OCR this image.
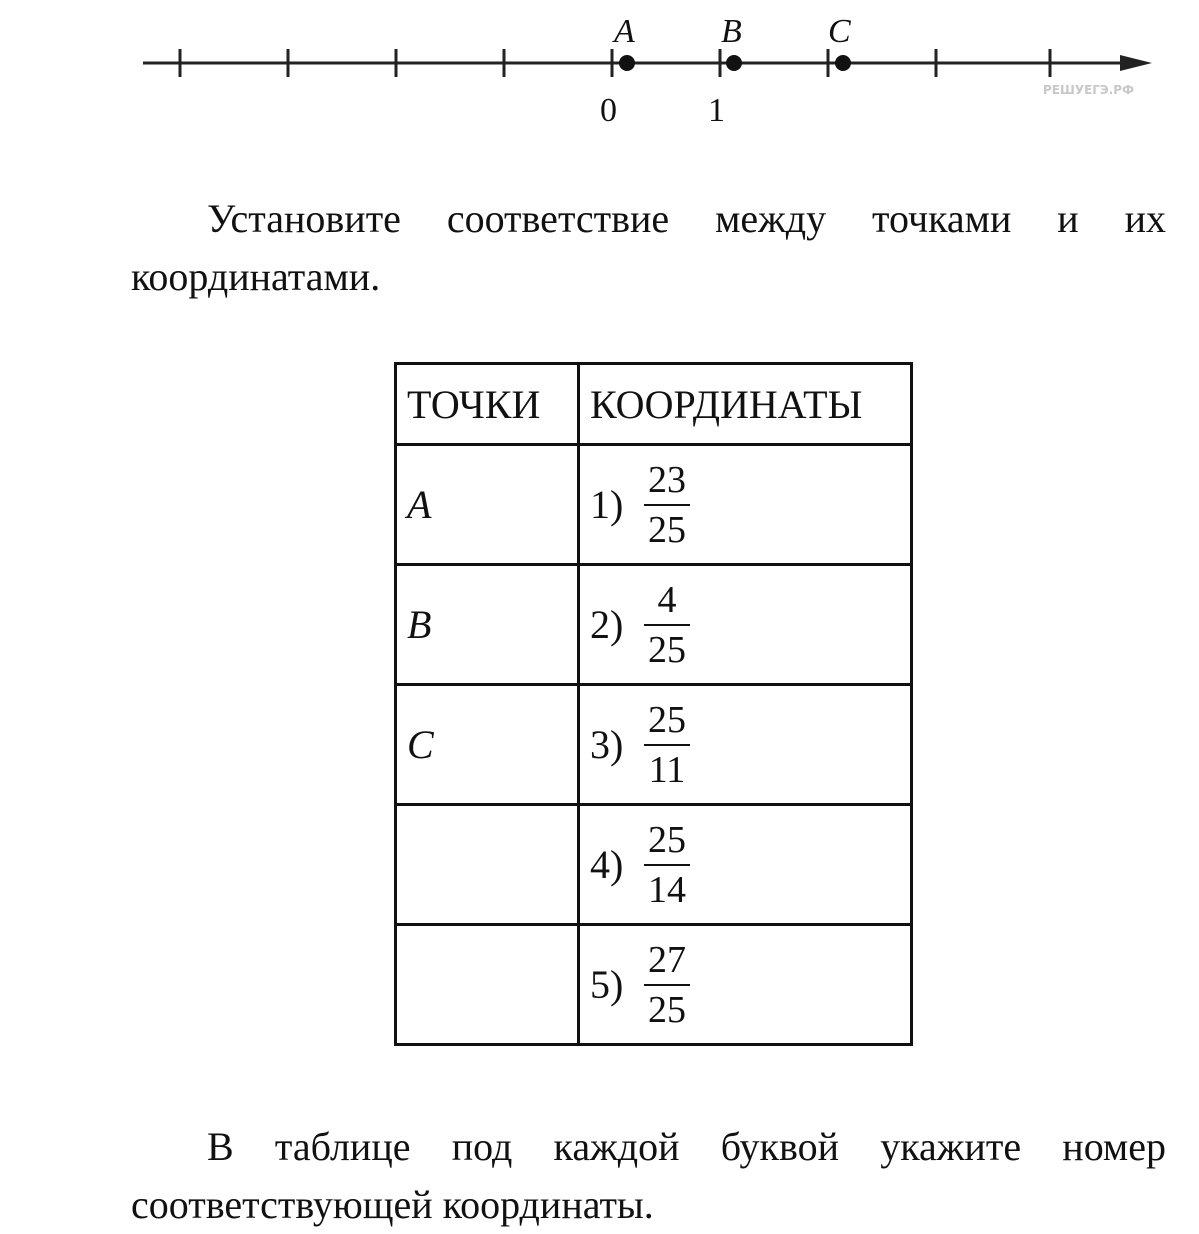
A	B	C
0	1
РЕШУЕГЭ.РФ

Установите соответствие между точками и их координатами.

ТОЧКИ	КООРДИНАТЫ
A	$1) \frac{23}{25}$

B	$2) \frac{4}{25}$

C	$3) \frac{25}{11}$

	$4) \frac{25}{14}$

	$5) \frac{27}{25}$

В таблице под каждой буквой укажите номер соответствующей координаты.
